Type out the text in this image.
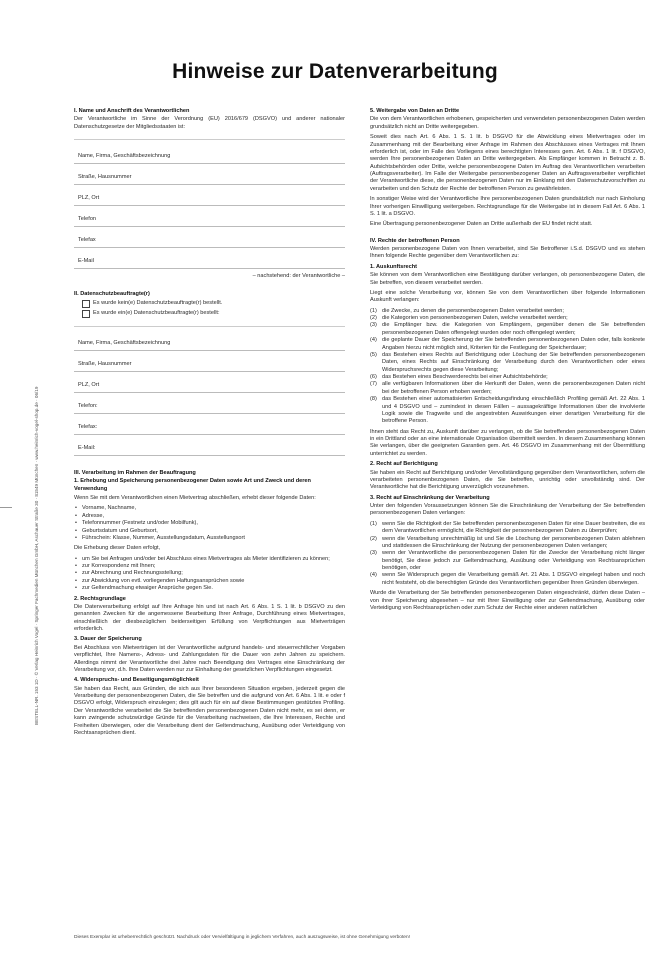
Hinweise zur Datenverarbeitung
BESTELL-NR. 153 1D · © Verlag Heinrich Vogel · Springer Fachmedien München GmbH, Aschauer Straße 30 · 81549 München · www.heinrich-vogel-shop.de · 06/19
I. Name und Anschrift des Verantwortlichen
Der Verantwortliche im Sinne der Verordnung (EU) 2016/679 (DSGVO) und anderer nationaler Datenschutzgesetze der Mitgliedsstaaten ist:
Name, Firma, Geschäftsbezeichnung
Straße, Hausnummer
PLZ, Ort
Telefon
Telefax
E-Mail
– nachstehend: der Verantwortliche –
II. Datenschutzbeauftragte(r)
Es wurde kein(e) Datenschutzbeauftragte(r) bestellt.
Es wurde ein(e) Datenschutzbeauftragte(r) bestellt:
Name, Firma, Geschäftsbezeichnung
Straße, Hausnummer
PLZ, Ort
Telefon:
Telefax:
E-Mail:
III. Verarbeitung im Rahmen der Beauftragung
1. Erhebung und Speicherung personenbezogener Daten sowie Art und Zweck und deren Verwendung
Wenn Sie mit dem Verantwortlichen einen Mietvertrag abschließen, erhebt dieser folgende Daten:
• Vorname, Nachname,
• Adresse,
• Telefonnummer (Festnetz und/oder Mobilfunk),
• Geburtsdatum und Geburtsort,
• Führschein: Klasse, Nummer, Ausstellungsdatum, Ausstellungsort
Die Erhebung dieser Daten erfolgt,
• um Sie bei Anfragen und/oder bei Abschluss eines Mietvertrages als Mieter identifizieren zu können;
• zur Korrespondenz mit Ihnen;
• zur Abrechnung und Rechnungsstellung;
• zur Abwicklung von evtl. vorliegenden Haftungsansprüchen sowie
• zur Geltendmachung etwaiger Ansprüche gegen Sie.
2. Rechtsgrundlage
Die Datenverarbeitung erfolgt auf Ihre Anfrage hin und ist nach Art. 6 Abs. 1 S. 1 lit. b DSGVO zu den genannten Zwecken für die angemessene Bearbeitung Ihrer Anfrage, Durchführung eines Mietvertrages, einschließlich der diesbezüglichen beiderseitigen Erfüllung von Verpflichtungen aus Mietverträgen erforderlich.
3. Dauer der Speicherung
Bei Abschluss von Mietverträgen ist der Verantwortliche aufgrund handels- und steuerrechtlicher Vorgaben verpflichtet, Ihre Namens-, Adress- und Zahlungsdaten für die Dauer von zehn Jahren zu speichern. Allerdings nimmt der Verantwortliche drei Jahre nach Beendigung des Vertrages eine Einschränkung der Verarbeitung vor, d.h. Ihre Daten werden nur zur Einhaltung der gesetzlichen Verpflichtungen eingesetzt.
4. Widerspruchs- und Beseitigungsmöglichkeit
Sie haben das Recht, aus Gründen, die sich aus Ihrer besonderen Situation ergeben, jederzeit gegen die Verarbeitung der personenbezogenen Daten, die Sie betreffen und die aufgrund von Art. 6 Abs. 1 lit. e oder f DSGVO erfolgt, Widerspruch einzulegen; dies gilt auch für ein auf diese Bestimmungen gestütztes Profiling. Der Verantwortliche verarbeitet die Sie betreffenden personenbezogenen Daten nicht mehr, es sei denn, er kann zwingende schutzwürdige Gründe für die Verarbeitung nachweisen, die Ihre Interessen, Rechte und Freiheiten überwiegen, oder die Verarbeitung dient der Geltendmachung, Ausübung oder Verteidigung von Rechtsansprüchen dient.
5. Weitergabe von Daten an Dritte
Die von dem Verantwortlichen erhobenen, gespeicherten und verwendeten personenbezogenen Daten werden grundsätzlich nicht an Dritte weitergegeben.
Soweit dies nach Art. 6 Abs. 1 S. 1 lit. b DSGVO für die Abwicklung eines Mietvertrages oder im Zusammenhang mit der Bearbeitung einer Anfrage im Rahmen des Abschlusses eines Vertrages mit Ihnen erforderlich ist, oder im Falle des Vorliegens eines berechtigten Interesses gem. Art. 6 Abs. 1 lit. f DSGVO, werden Ihre personenbezogenen Daten an Dritte weitergegeben. Als Empfänger kommen in Betracht z. B. Aufsichtsbehörden oder Dritte, welche personenbezogene Daten im Auftrag des Verantwortlichen verarbeiten (Auftragsverarbeiter). Im Falle der Weitergabe personenbezogener Daten an Auftragsverarbeiter verpflichtet der Verantwortliche diese, die personenbezogenen Daten nur im Einklang mit den Datenschutzvorschriften zu verarbeiten und den Schutz der Rechte der betroffenen Person zu gewährleisten.
In sonstiger Weise wird der Verantwortliche Ihre personenbezogenen Daten grundsätzlich nur nach Einholung Ihrer vorherigen Einwilligung weitergeben. Rechtsgrundlage für die Weitergabe ist in diesem Fall Art. 6 Abs. 1 S. 1 lit. a DSGVO.
Eine Übertragung personenbezogener Daten an Dritte außerhalb der EU findet nicht statt.
IV. Rechte der betroffenen Person
Werden personenbezogene Daten von Ihnen verarbeitet, sind Sie Betroffener i.S.d. DSGVO und es stehen Ihnen folgende Rechte gegenüber dem Verantwortlichen zu:
1. Auskunftsrecht
Sie können von dem Verantwortlichen eine Bestätigung darüber verlangen, ob personenbezogene Daten, die Sie betreffen, von diesem verarbeitet werden.
Liegt eine solche Verarbeitung vor, können Sie von dem Verantwortlichen über folgende Informationen Auskunft verlangen:
(1) die Zwecke, zu denen die personenbezogenen Daten verarbeitet werden;
(2) die Kategorien von personenbezogenen Daten, welche verarbeitet werden;
(3) die Empfänger bzw. die Kategorien von Empfängern, gegenüber denen die Sie betreffenden personenbezogenen Daten offengelegt wurden oder noch offengelegt werden;
(4) die geplante Dauer der Speicherung der Sie betreffenden personenbezogenen Daten oder, falls konkrete Angaben hierzu nicht möglich sind, Kriterien für die Festlegung der Speicherdauer;
(5) das Bestehen eines Rechts auf Berichtigung oder Löschung der Sie betreffenden personenbezogenen Daten, eines Rechts auf Einschränkung der Verarbeitung durch den Verantwortlichen oder eines Widerspruchsrechts gegen diese Verarbeitung;
(6) das Bestehen eines Beschwerderechts bei einer Aufsichtsbehörde;
(7) alle verfügbaren Informationen über die Herkunft der Daten, wenn die personenbezogenen Daten nicht bei der betroffenen Person erhoben werden;
(8) das Bestehen einer automatisierten Entscheidungsfindung einschließlich Profiling gemäß Art. 22 Abs. 1 und 4 DSGVO und – zumindest in diesen Fällen – aussagekräftige Informationen über die involvierte Logik sowie die Tragweite und die angestrebten Auswirkungen einer derartigen Verarbeitung für die betroffene Person.
Ihnen steht das Recht zu, Auskunft darüber zu verlangen, ob die Sie betreffenden personenbezogenen Daten in ein Drittland oder an eine internationale Organisation übermittelt werden. In diesem Zusammenhang können Sie verlangen, über die geeigneten Garantien gem. Art. 46 DSGVO im Zusammenhang mit der Übermittlung unterrichtet zu werden.
2. Recht auf Berichtigung
Sie haben ein Recht auf Berichtigung und/oder Vervollständigung gegenüber dem Verantwortlichen, sofern die verarbeiteten personenbezogenen Daten, die Sie betreffen, unrichtig oder unvollständig sind. Der Verantwortliche hat die Berichtigung unverzüglich vorzunehmen.
3. Recht auf Einschränkung der Verarbeitung
Unter den folgenden Voraussetzungen können Sie die Einschränkung der Verarbeitung der Sie betreffenden personenbezogenen Daten verlangen:
(1) wenn Sie die Richtigkeit der Sie betreffenden personenbezogenen Daten für eine Dauer bestreiten, die es dem Verantwortlichen ermöglicht, die Richtigkeit der personenbezogenen Daten zu überprüfen;
(2) wenn die Verarbeitung unrechtmäßig ist und Sie die Löschung der personenbezogenen Daten ablehnen und stattdessen die Einschränkung der Nutzung der personenbezogenen Daten verlangen;
(3) wenn der Verantwortliche die personenbezogenen Daten für die Zwecke der Verarbeitung nicht länger benötigt, Sie diese jedoch zur Geltendmachung, Ausübung oder Verteidigung von Rechtsansprüchen benötigen, oder
(4) wenn Sie Widerspruch gegen die Verarbeitung gemäß Art. 21 Abs. 1 DSGVO eingelegt haben und noch nicht feststeht, ob die berechtigten Gründe des Verantwortlichen gegenüber Ihren Gründen überwiegen.
Wurde die Verarbeitung der Sie betreffenden personenbezogenen Daten eingeschränkt, dürfen diese Daten – von ihrer Speicherung abgesehen – nur mit Ihrer Einwilligung oder zur Geltendmachung, Ausübung oder Verteidigung von Rechtsansprüchen oder zum Schutz der Rechte einer anderen natürlichen
Dieses Exemplar ist urheberrechtlich geschützt. Nachdruck oder Vervielfältigung in jeglichem Verfahren, auch auszugsweise, ist ohne Genehmigung verboten!
